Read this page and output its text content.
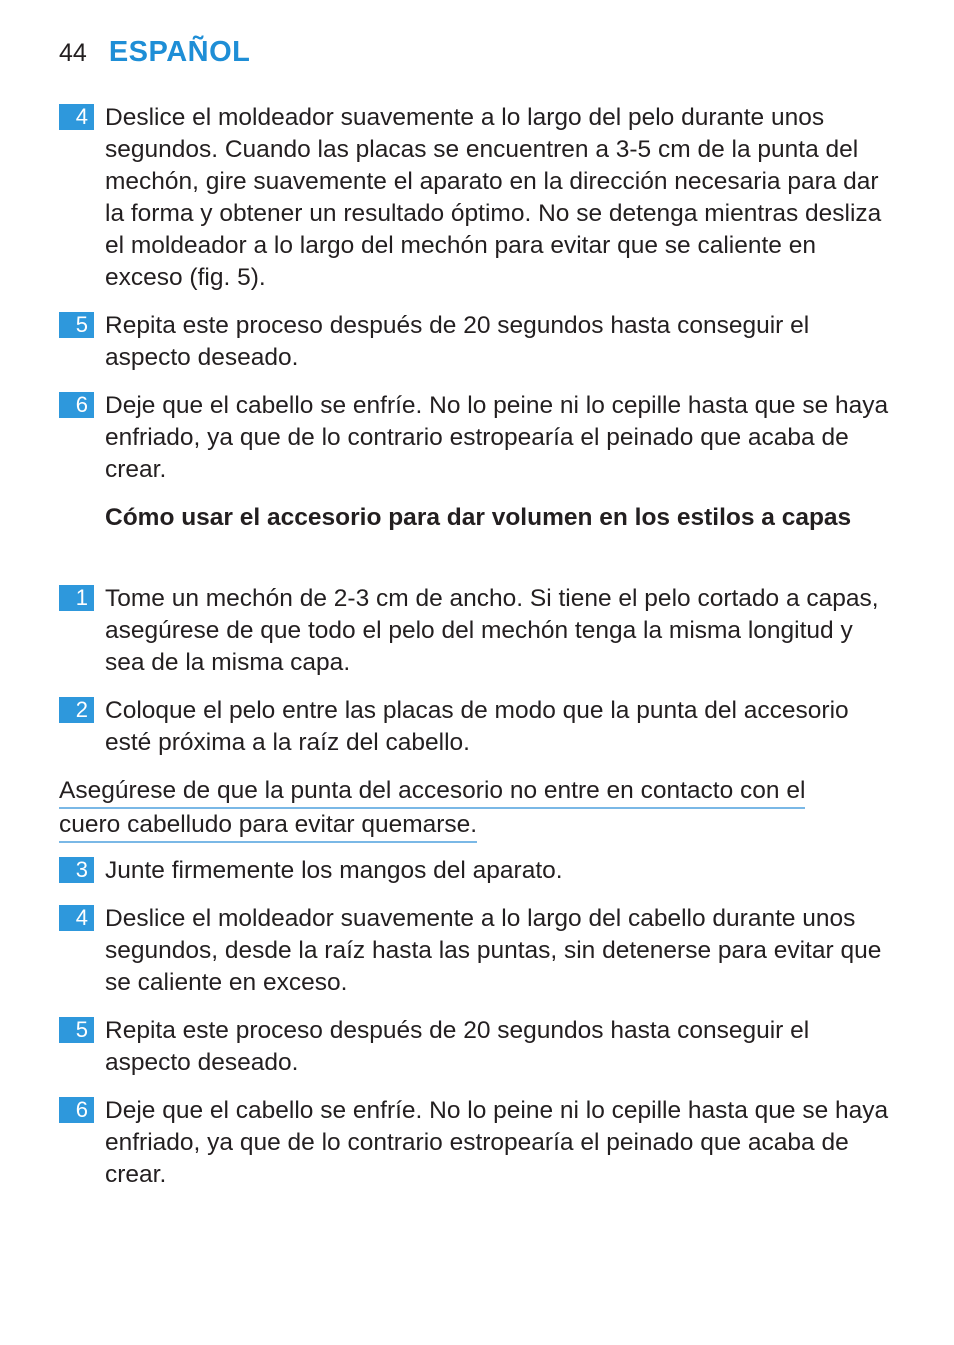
44 ESPAÑOL
4 Deslice el moldeador suavemente a lo largo del pelo durante unos segundos. Cuando las placas se encuentren a 3-5 cm de la punta del mechón, gire suavemente el aparato en la dirección necesaria para dar la forma y obtener un resultado óptimo. No se detenga mientras desliza el moldeador a lo largo del mechón para evitar que se caliente en exceso (fig. 5).
5 Repita este proceso después de 20 segundos hasta conseguir el aspecto deseado.
6 Deje que el cabello se enfríe. No lo peine ni lo cepille hasta que se haya enfriado, ya que de lo contrario estropearía el peinado que acaba de crear.
Cómo usar el accesorio para dar volumen en los estilos a capas
1 Tome un mechón de 2-3 cm de ancho. Si tiene el pelo cortado a capas, asegúrese de que todo el pelo del mechón tenga la misma longitud y sea de la misma capa.
2 Coloque el pelo entre las placas de modo que la punta del accesorio esté próxima a la raíz del cabello.
Asegúrese de que la punta del accesorio no entre en contacto con el
cuero cabelludo para evitar quemarse.
3 Junte firmemente los mangos del aparato.
4 Deslice el moldeador suavemente a lo largo del cabello durante unos segundos, desde la raíz hasta las puntas, sin detenerse para evitar que se caliente en exceso.
5 Repita este proceso después de 20 segundos hasta conseguir el aspecto deseado.
6 Deje que el cabello se enfríe. No lo peine ni lo cepille hasta que se haya enfriado, ya que de lo contrario estropearía el peinado que acaba de crear.
